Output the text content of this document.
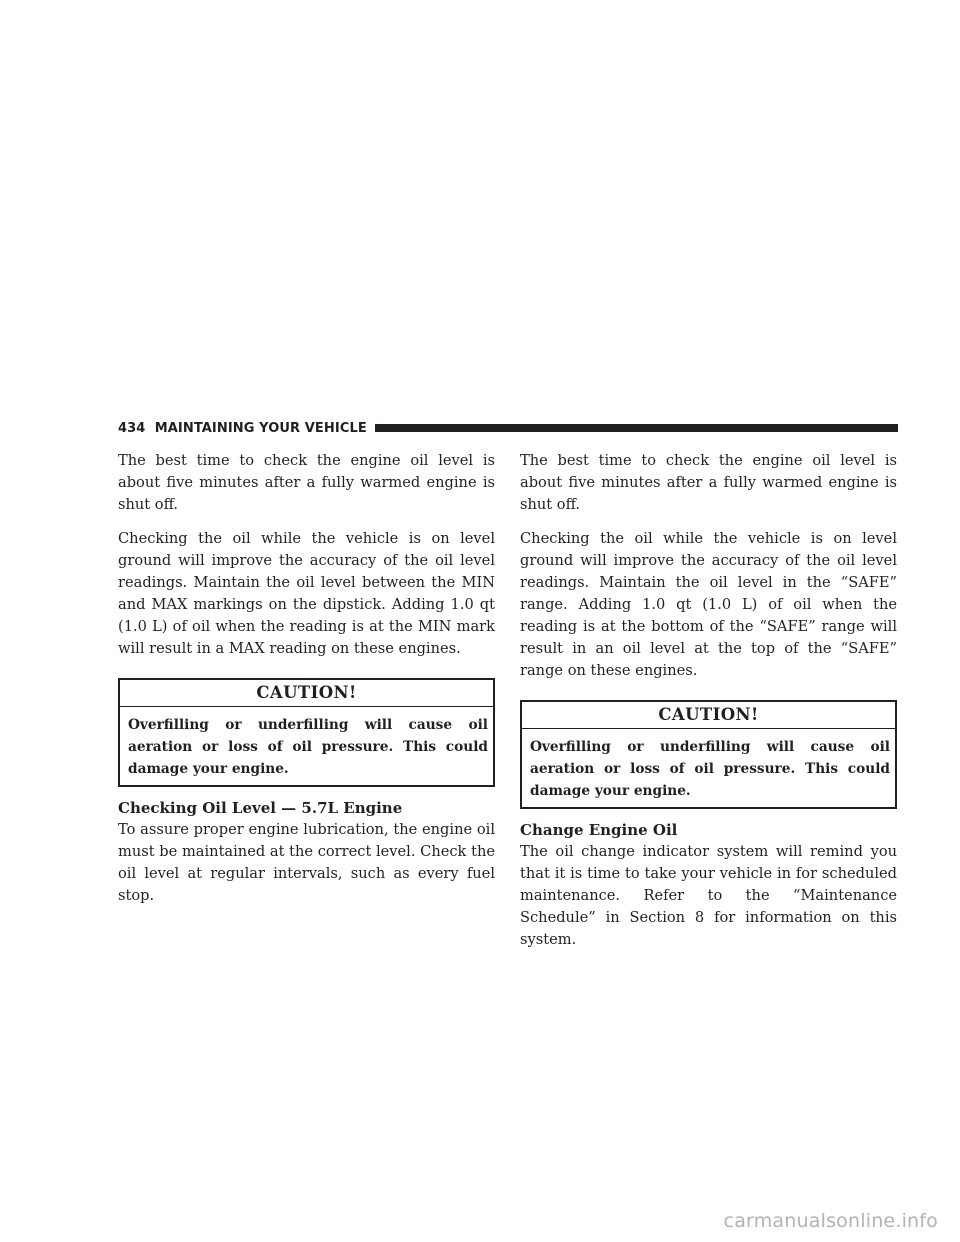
434 MAINTAINING YOUR VEHICLE

The best time to check the engine oil level is about five minutes after a fully warmed engine is shut off.

Checking the oil while the vehicle is on level ground will improve the accuracy of the oil level readings. Maintain the oil level between the MIN and MAX markings on the dipstick. Adding 1.0 qt (1.0 L) of oil when the reading is at the MIN mark will result in a MAX reading on these engines.

CAUTION!
Overfilling or underfilling will cause oil aeration or loss of oil pressure. This could damage your engine.
Checking Oil Level — 5.7L Engine

To assure proper engine lubrication, the engine oil must be maintained at the correct level. Check the oil level at regular intervals, such as every fuel stop.

The best time to check the engine oil level is about five minutes after a fully warmed engine is shut off.

Checking the oil while the vehicle is on level ground will improve the accuracy of the oil level readings. Maintain the oil level in the “SAFE” range. Adding 1.0 qt (1.0 L) of oil when the reading is at the bottom of the “SAFE” range will result in an oil level at the top of the “SAFE” range on these engines.

CAUTION!
Overfilling or underfilling will cause oil aeration or loss of oil pressure. This could damage your engine.
Change Engine Oil

The oil change indicator system will remind you that it is time to take your vehicle in for scheduled maintenance. Refer to the “Maintenance Schedule” in Section 8 for information on this system.

carmanualsonline.info
